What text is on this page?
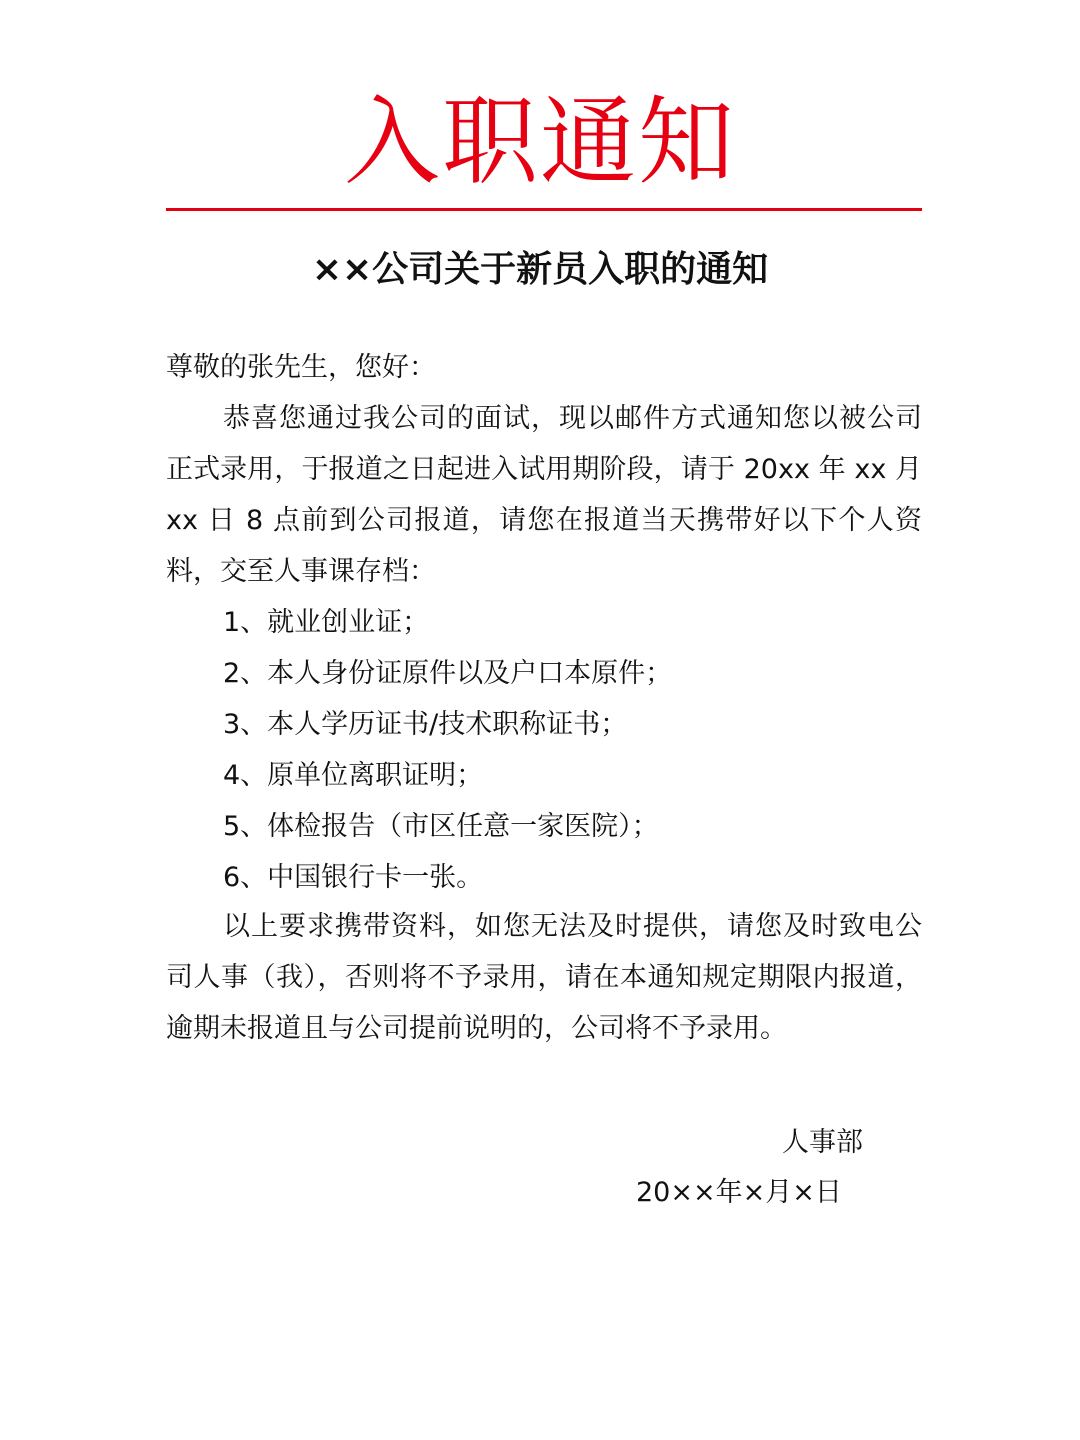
入职通知
××公司关于新员入职的通知

尊敬的张先生，您好：

恭喜您通过我公司的面试，现以邮件方式通知您以被公司正式录用，于报道之日起进入试用期阶段，请于 20xx 年 xx 月 xx 日 8 点前到公司报道，请您在报道当天携带好以下个人资料，交至人事课存档：

1、就业创业证；
2、本人身份证原件以及户口本原件；
3、本人学历证书/技术职称证书；
4、原单位离职证明；
5、体检报告（市区任意一家医院）；
6、中国银行卡一张。

以上要求携带资料，如您无法及时提供，请您及时致电公司人事（我），否则将不予录用，请在本通知规定期限内报道，逾期未报道且与公司提前说明的，公司将不予录用。

人事部
20××年×月×日
